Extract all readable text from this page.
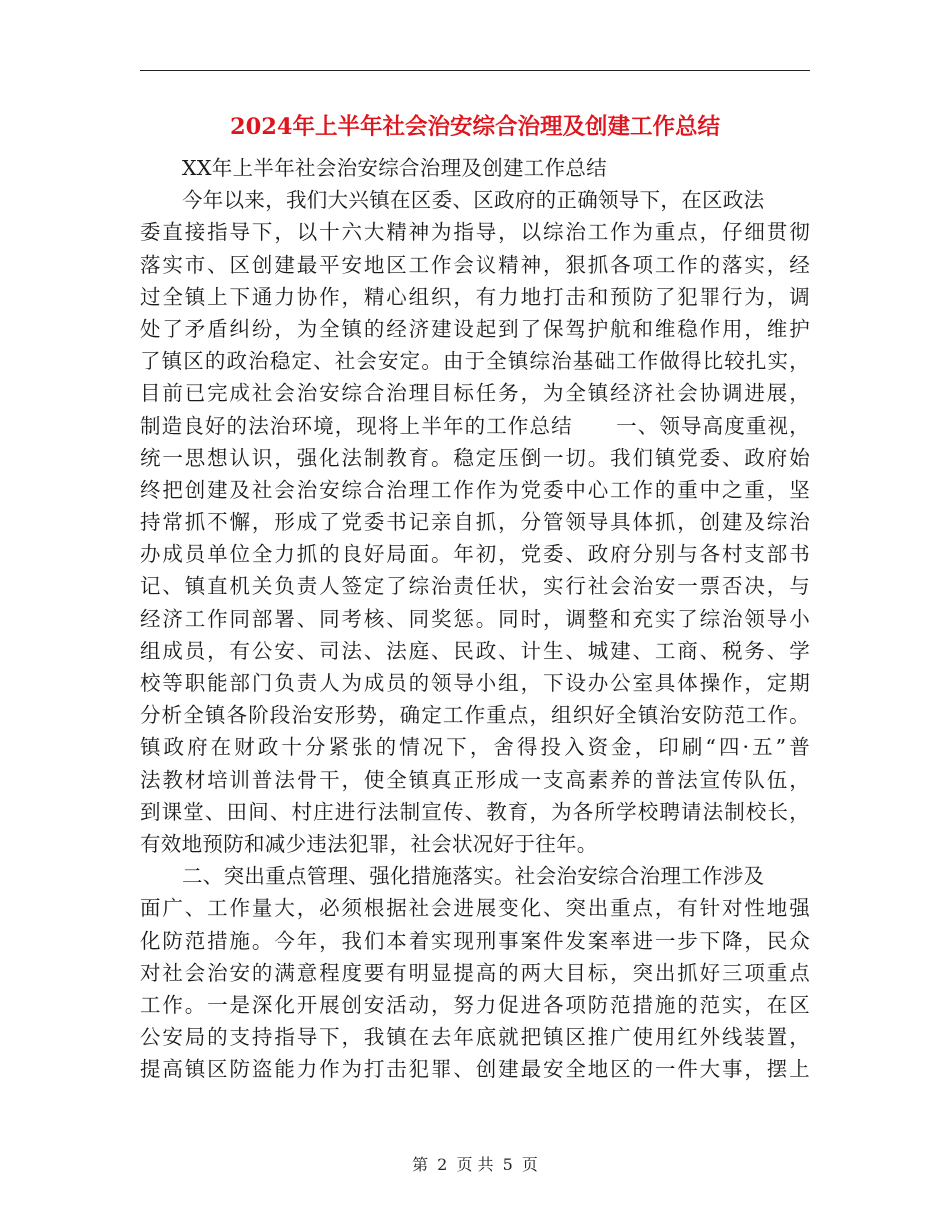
2024年上半年社会治安综合治理及创建工作总结
XX年上半年社会治安综合治理及创建工作总结
今年以来，我们大兴镇在区委、区政府的正确领导下，在区政法
委直接指导下，以十六大精神为指导，以综治工作为重点，仔细贯彻
落实市、区创建最平安地区工作会议精神，狠抓各项工作的落实，经
过全镇上下通力协作，精心组织，有力地打击和预防了犯罪行为，调
处了矛盾纠纷，为全镇的经济建设起到了保驾护航和维稳作用，维护
了镇区的政治稳定、社会安定。由于全镇综治基础工作做得比较扎实，
目前已完成社会治安综合治理目标任务，为全镇经济社会协调进展，
制造良好的法治环境，现将上半年的工作总结　　一、领导高度重视，
统一思想认识，强化法制教育。稳定压倒一切。我们镇党委、政府始
终把创建及社会治安综合治理工作作为党委中心工作的重中之重，坚
持常抓不懈，形成了党委书记亲自抓，分管领导具体抓，创建及综治
办成员单位全力抓的良好局面。年初，党委、政府分别与各村支部书
记、镇直机关负责人签定了综治责任状，实行社会治安一票否决，与
经济工作同部署、同考核、同奖惩。同时，调整和充实了综治领导小
组成员，有公安、司法、法庭、民政、计生、城建、工商、税务、学
校等职能部门负责人为成员的领导小组，下设办公室具体操作，定期
分析全镇各阶段治安形势，确定工作重点，组织好全镇治安防范工作。
镇政府在财政十分紧张的情况下，舍得投入资金，印刷“四·五”普
法教材培训普法骨干，使全镇真正形成一支高素养的普法宣传队伍，
到课堂、田间、村庄进行法制宣传、教育，为各所学校聘请法制校长，
有效地预防和减少违法犯罪，社会状况好于往年。
二、突出重点管理、强化措施落实。社会治安综合治理工作涉及
面广、工作量大，必须根据社会进展变化、突出重点，有针对性地强
化防范措施。今年，我们本着实现刑事案件发案率进一步下降，民众
对社会治安的满意程度要有明显提高的两大目标，突出抓好三项重点
工作。一是深化开展创安活动，努力促进各项防范措施的范实，在区
公安局的支持指导下，我镇在去年底就把镇区推广使用红外线装置，
提高镇区防盗能力作为打击犯罪、创建最安全地区的一件大事，摆上
第 2 页 共 5 页
